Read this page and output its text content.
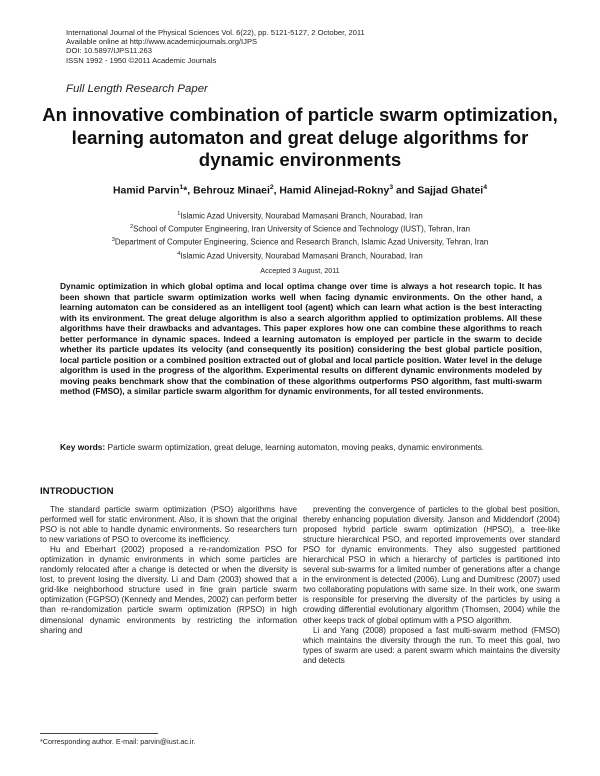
International Journal of the Physical Sciences Vol. 6(22), pp. 5121-5127, 2 October, 2011
Available online at http://www.academicjournals.org/IJPS
DOI: 10.5897/IJPS11.263
ISSN 1992 - 1950 ©2011 Academic Journals
Full Length Research Paper
An innovative combination of particle swarm optimization, learning automaton and great deluge algorithms for dynamic environments
Hamid Parvin$^1$*, Behrouz Minaei$^2$, Hamid Alinejad-Rokny$^3$ and Sajjad Ghatei$^4$
$^1$Islamic Azad University, Nourabad Mamasani Branch, Nourabad, Iran
$^2$School of Computer Engineering, Iran University of Science and Technology (IUST), Tehran, Iran
$^3$Department of Computer Engineering, Science and Research Branch, Islamic Azad University, Tehran, Iran
$^4$Islamic Azad University, Nourabad Mamasani Branch, Nourabad, Iran
Accepted 3 August, 2011
Dynamic optimization in which global optima and local optima change over time is always a hot research topic. It has been shown that particle swarm optimization works well when facing dynamic environments. On the other hand, a learning automaton can be considered as an intelligent tool (agent) which can learn what action is the best interacting with its environment. The great deluge algorithm is also a search algorithm applied to optimization problems. All these algorithms have their drawbacks and advantages. This paper explores how one can combine these algorithms to reach better performance in dynamic spaces. Indeed a learning automaton is employed per particle in the swarm to decide whether its particle updates its velocity (and consequently its position) considering the best global particle position, local particle position or a combined position extracted out of global and local particle position. Water level in the deluge algorithm is used in the progress of the algorithm. Experimental results on different dynamic environments modeled by moving peaks benchmark show that the combination of these algorithms outperforms PSO algorithm, fast multi-swarm method (FMSO), a similar particle swarm algorithm for dynamic environments, for all tested environments.
Key words: Particle swarm optimization, great deluge, learning automaton, moving peaks, dynamic environments.
INTRODUCTION

The standard particle swarm optimization (PSO) algorithms have performed well for static environment. Also, it is shown that the original PSO is not able to handle dynamic environments. So researchers turn to new variations of PSO to overcome its inefficiency.

Hu and Eberhart (2002) proposed a re-randomization PSO for optimization in dynamic environments in which some particles are randomly relocated after a change is detected or when the diversity is lost, to prevent losing the diversity. Li and Dam (2003) showed that a grid-like neighborhood structure used in fine grain particle swarm optimization (FGPSO) (Kennedy and Mendes, 2002) can perform better than re-randomization particle swarm optimization (RPSO) in high dimensional dynamic environments by restricting the information sharing and

preventing the convergence of particles to the global best position, thereby enhancing population diversity. Janson and Middendorf (2004) proposed hybrid particle swarm optimization (HPSO), a tree-like structure hierarchical PSO, and reported improvements over standard PSO for dynamic environments. They also suggested partitioned hierarchical PSO in which a hierarchy of particles is partitioned into several sub-swarms for a limited number of generations after a change in the environment is detected (2006). Lung and Dumitresc (2007) used two collaborating populations with same size. In their work, one swarm is responsible for preserving the diversity of the particles by using a crowding differential evolutionary algorithm (Thomsen, 2004) while the other keeps track of global optimum with a PSO algorithm.

Li and Yang (2008) proposed a fast multi-swarm method (FMSO) which maintains the diversity through the run. To meet this goal, two types of swarm are used: a parent swarm which maintains the diversity and detects

*Corresponding author. E-mail: parvin@iust.ac.ir.
